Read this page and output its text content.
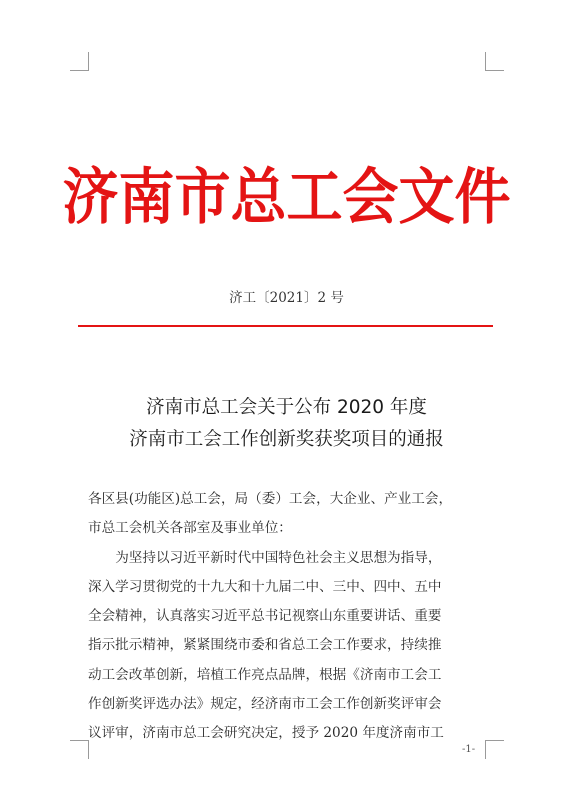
济南市总工会文件
济工〔2021〕2 号
济南市总工会关于公布 2020 年度
济南市工会工作创新奖获奖项目的通报

各区县(功能区)总工会，局（委）工会，大企业、产业工会，

市总工会机关各部室及事业单位：

为坚持以习近平新时代中国特色社会主义思想为指导，

深入学习贯彻党的十九大和十九届二中、三中、四中、五中

全会精神，认真落实习近平总书记视察山东重要讲话、重要

指示批示精神，紧紧围绕市委和省总工会工作要求，持续推

动工会改革创新，培植工作亮点品牌，根据《济南市工会工

作创新奖评选办法》规定，经济南市工会工作创新奖评审会

议评审，济南市总工会研究决定，授予 2020 年度济南市工

-1-
